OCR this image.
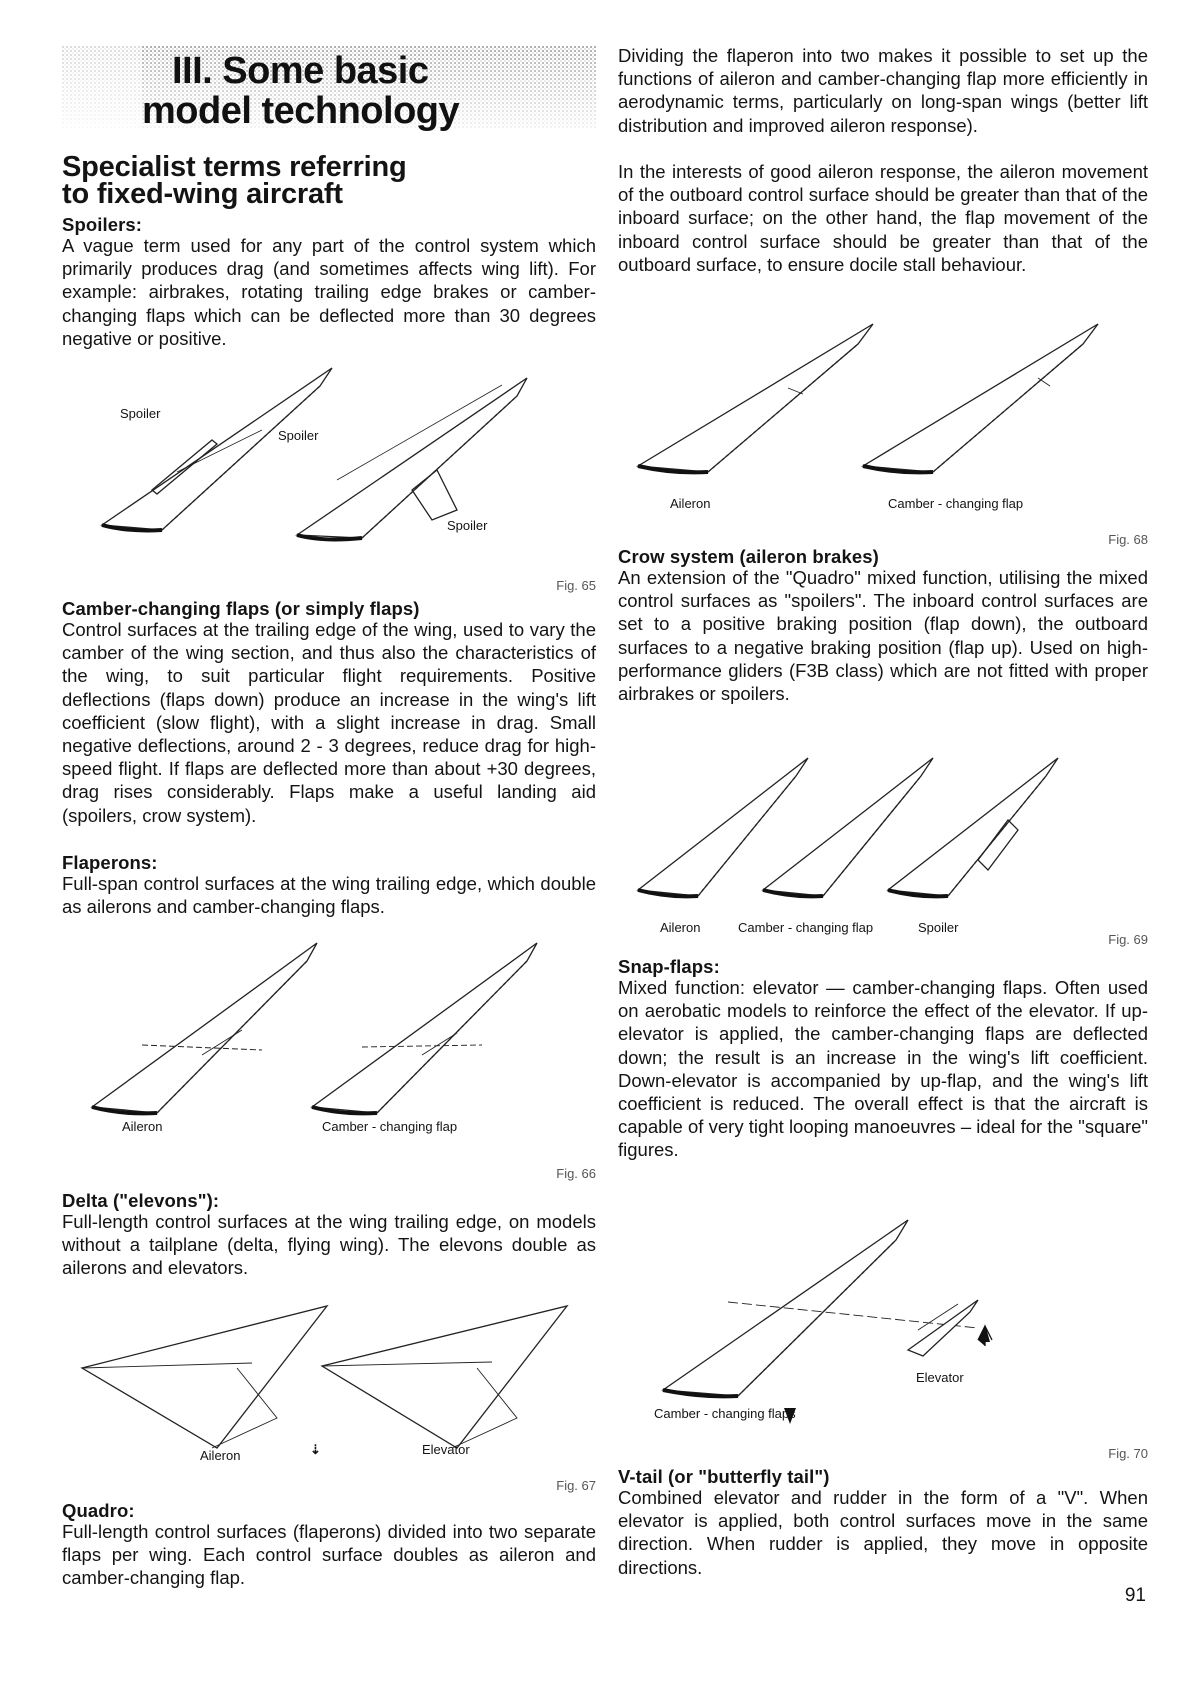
III. Some basic
model technology
Specialist terms referring
to fixed-wing aircraft
Spoilers:
A vague term used for any part of the control system which primarily produces drag (and sometimes affects wing lift). For example: airbrakes, rotating trailing edge brakes or camber-changing flaps which can be deflected more than 30 degrees negative or positive.
Spoiler
Spoiler
Spoiler
Fig. 65
Camber-changing flaps (or simply flaps)
Control surfaces at the trailing edge of the wing, used to vary the camber of the wing section, and thus also the characteristics of the wing, to suit particular flight requirements. Positive deflections (flaps down) produce an increase in the wing's lift coefficient (slow flight), with a slight increase in drag. Small negative deflections, around 2 - 3 degrees, reduce drag for high-speed flight. If flaps are deflected more than about +30 degrees, drag rises considerably. Flaps make a useful landing aid (spoilers, crow system).
Flaperons:
Full-span control surfaces at the wing trailing edge, which double as ailerons and camber-changing flaps.
Aileron	Camber - changing flap
Fig. 66
Delta ("elevons"):
Full-length control surfaces at the wing trailing edge, on models without a tailplane (delta, flying wing). The elevons double as ailerons and elevators.
Aileron	⇣	Elevator
Fig. 67
Quadro:
Full-length control surfaces (flaperons) divided into two separate flaps per wing. Each control surface doubles as aileron and camber-changing flap.
Dividing the flaperon into two makes it possible to set up the functions of aileron and camber-changing flap more efficiently in aerodynamic terms, particularly on long-span wings (better lift distribution and improved aileron response).
In the interests of good aileron response, the aileron movement of the outboard control surface should be greater than that of the inboard surface; on the other hand, the flap movement of the inboard control surface should be greater than that of the outboard surface, to ensure docile stall behaviour.
Aileron	Camber - changing flap
Fig. 68
Crow system (aileron brakes)
An extension of the "Quadro" mixed function, utilising the mixed control surfaces as "spoilers". The inboard control surfaces are set to a positive braking position (flap down), the outboard surfaces to a negative braking position (flap up). Used on high-performance gliders (F3B class) which are not fitted with proper airbrakes or spoilers.
Aileron	Camber - changing flap	Spoiler
Fig. 69
Snap-flaps:
Mixed function: elevator — camber-changing flaps. Often used on aerobatic models to reinforce the effect of the elevator. If up-elevator is applied, the camber-changing flaps are deflected down; the result is an increase in the wing's lift coefficient. Down-elevator is accompanied by up-flap, and the wing's lift coefficient is reduced. The overall effect is that the aircraft is capable of very tight looping manoeuvres – ideal for the "square" figures.
Elevator
Camber - changing flaps
Fig. 70
V-tail (or "butterfly tail")
Combined elevator and rudder in the form of a "V". When elevator is applied, both control surfaces move in the same direction. When rudder is applied, they move in opposite directions.
91
